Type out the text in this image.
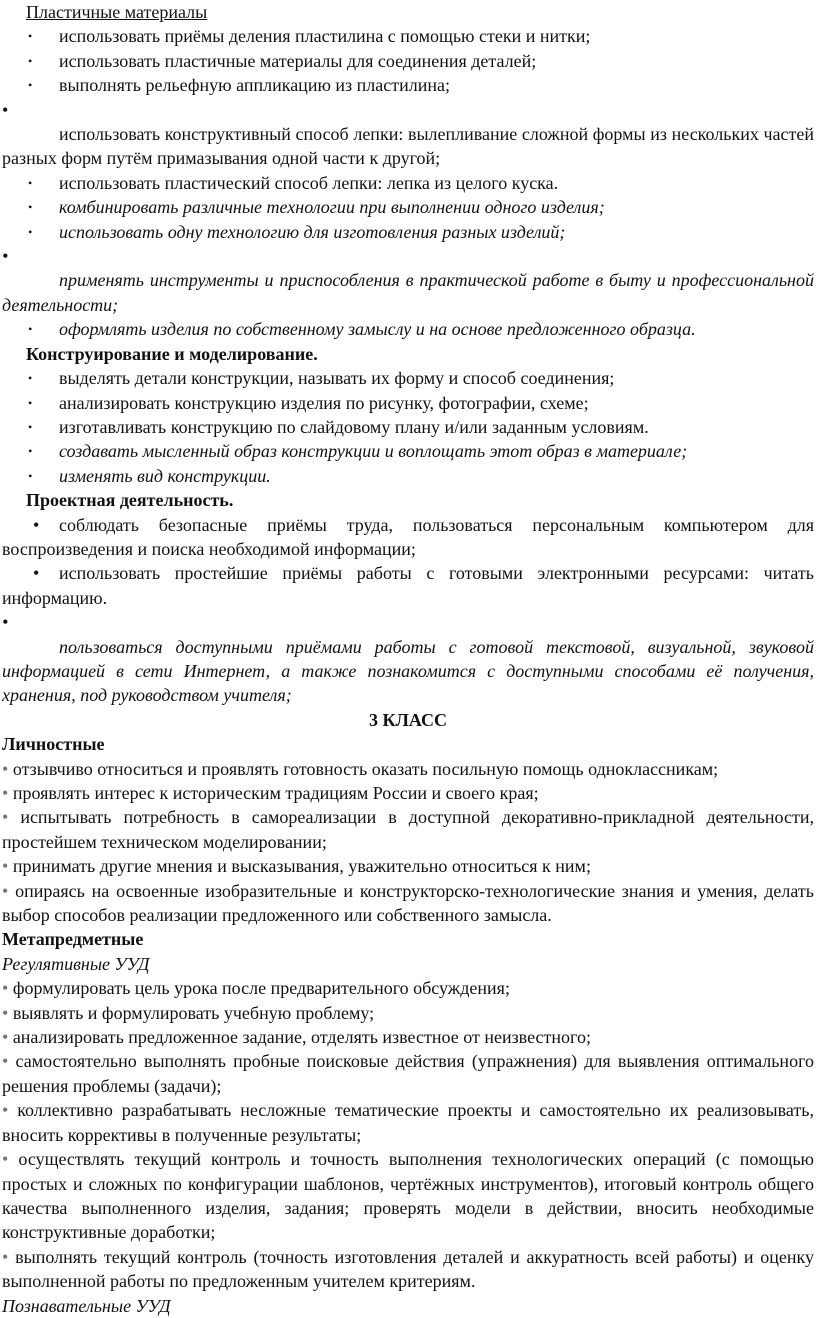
Пластичные материалы

• использовать приёмы деления пластилина с помощью стеки и нитки;
• использовать пластичные материалы для соединения деталей;
• выполнять рельефную аппликацию из пластилина;
•

использовать конструктивный способ лепки: вылепливание сложной формы из нескольких частей разных форм путём примазывания одной части к другой;

• использовать пластический способ лепки: лепка из целого куска.
• комбинировать различные технологии при выполнении одного изделия;
• использовать одну технологию для изготовления разных изделий;
•

применять инструменты и приспособления в практической работе в быту и профессиональной деятельности;

• оформлять изделия по собственному замыслу и на основе предложенного образца.

Конструирование и моделирование.

• выделять детали конструкции, называть их форму и способ соединения;
• анализировать конструкцию изделия по рисунку, фотографии, схеме;
• изготавливать конструкцию по слайдовому плану и/или заданным условиям.
• создавать мысленный образ конструкции и воплощать этот образ в материале;
• изменять вид конструкции.

Проектная деятельность.

•	соблюдать безопасные приёмы труда, пользоваться персональным компьютером для воспроизведения и поиска необходимой информации;

•	использовать простейшие приёмы работы с готовыми электронными ресурсами: читать информацию.

•

пользоваться доступными приёмами работы с готовой текстовой, визуальной, звуковой информацией в сети Интернет, а также познакомится с доступными способами её получения, хранения, под руководством учителя;

3 КЛАСС

Личностные

• отзывчиво относиться и проявлять готовность оказать посильную помощь одноклассникам;

• проявлять интерес к историческим традициям России и своего края;

• испытывать потребность в самореализации в доступной декоративно-прикладной деятельности, простейшем техническом моделировании;

• принимать другие мнения и высказывания, уважительно относиться к ним;

• опираясь на освоенные изобразительные и конструкторско-технологические знания и умения, делать выбор способов реализации предложенного или собственного замысла.

Метапредметные

Регулятивные УУД

• формулировать цель урока после предварительного обсуждения;

• выявлять и формулировать учебную проблему;

• анализировать предложенное задание, отделять известное от неизвестного;

• самостоятельно выполнять пробные поисковые действия (упражнения) для выявления оптимального решения проблемы (задачи);

• коллективно разрабатывать несложные тематические проекты и самостоятельно их реализовывать, вносить коррективы в полученные результаты;

• осуществлять текущий контроль и точность выполнения технологических операций (с помощью простых и сложных по конфигурации шаблонов, чертёжных инструментов), итоговый контроль общего качества выполненного изделия, задания; проверять модели в действии, вносить необходимые конструктивные доработки;

• выполнять текущий контроль (точность изготовления деталей и аккуратность всей работы) и оценку выполненной работы по предложенным учителем критериям.

Познавательные УУД
